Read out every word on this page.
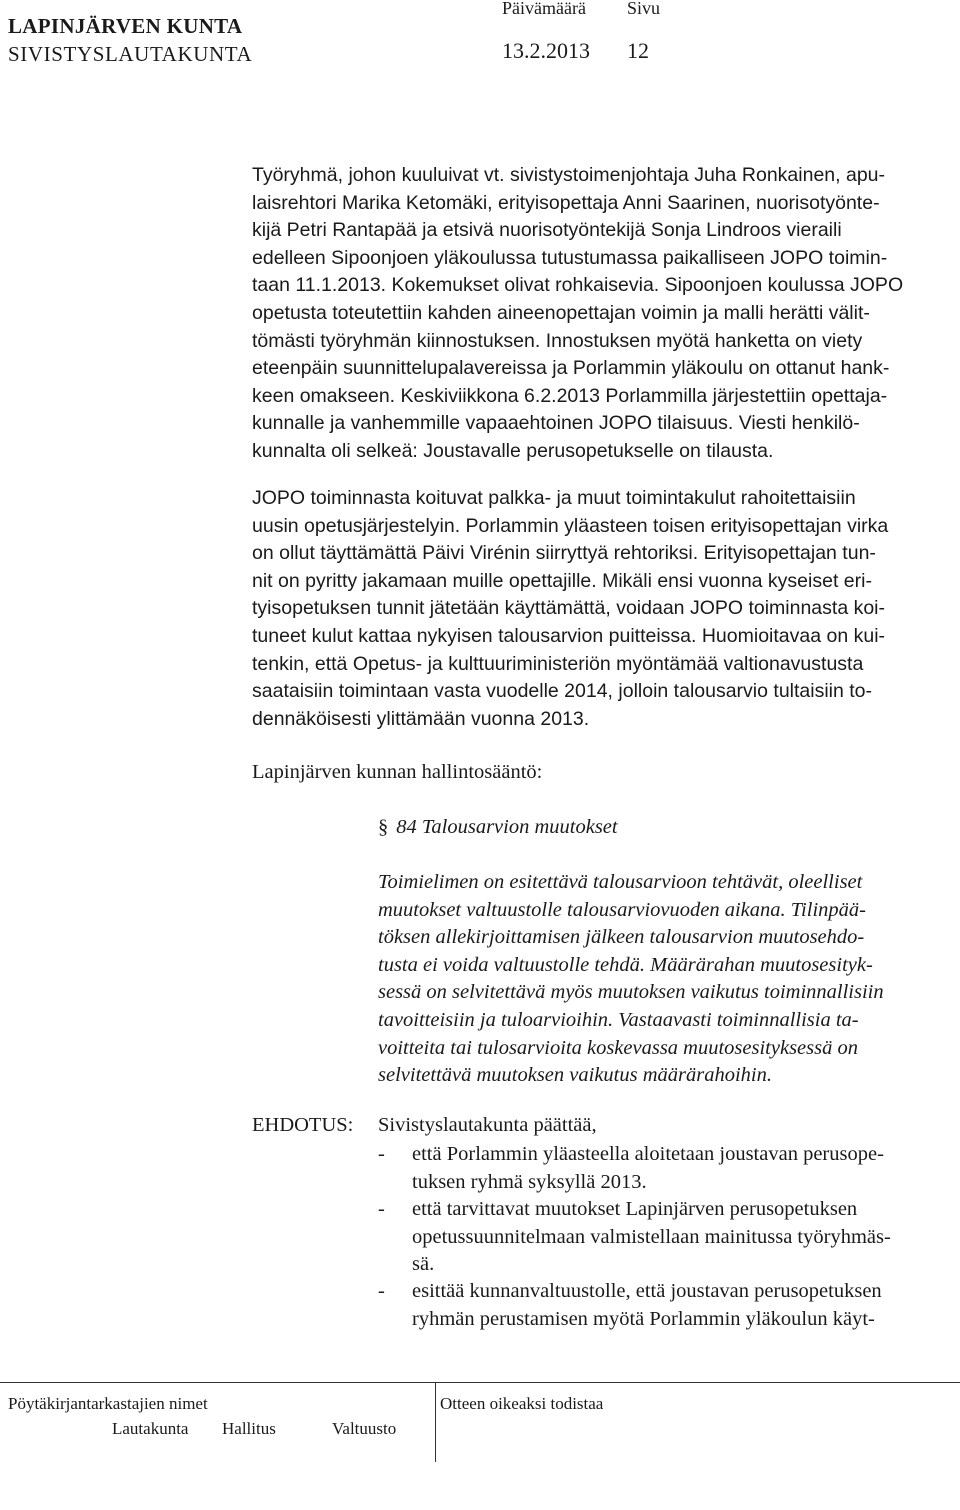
LAPINJÄRVEN KUNTA
SIVISTYSLAUTAKUNTA
Päivämäärä Sivu
13.2.2013 12
Työryhmä, johon kuuluivat vt. sivistystoimenjohtaja Juha Ronkainen, apu-
laisrehtori Marika Ketomäki, erityisopettaja Anni Saarinen, nuorisotyönte-
kijä Petri Rantapää ja etsivä nuorisotyöntekijä Sonja Lindroos vieraili
edelleen Sipoonjoen yläkoulussa tutustumassa paikalliseen JOPO toimin-
taan 11.1.2013. Kokemukset olivat rohkaisevia. Sipoonjoen koulussa JOPO
opetusta toteutettiin kahden aineenopettajan voimin ja malli herätti välit-
tömästi työryhmän kiinnostuksen. Innostuksen myötä hanketta on viety
eteenpäin suunnittelupalavereissa ja Porlammin yläkoulu on ottanut hank-
keen omakseen. Keskiviikkona 6.2.2013 Porlammilla järjestettiin opettaja-
kunnalle ja vanhemmille vapaaehtoinen JOPO tilaisuus. Viesti henkilö-
kunnalta oli selkeä: Joustavalle perusopetukselle on tilausta.
JOPO toiminnasta koituvat palkka- ja muut toimintakulut rahoitettaisiin
uusin opetusjärjestelyin. Porlammin yläasteen toisen erityisopettajan virka
on ollut täyttämättä Päivi Virénin siirryttyä rehtoriksi. Erityisopettajan tun-
nit on pyritty jakamaan muille opettajille. Mikäli ensi vuonna kyseiset eri-
tyisopetuksen tunnit jätetään käyttämättä, voidaan JOPO toiminnasta koi-
tuneet kulut kattaa nykyisen talousarvion puitteissa. Huomioitavaa on kui-
tenkin, että Opetus- ja kulttuuriministeriön myöntämää valtionavustusta
saataisiin toimintaan vasta vuodelle 2014, jolloin talousarvio tultaisiin to-
dennäköisesti ylittämään vuonna 2013.
Lapinjärven kunnan hallintosääntö:
§ 84 Talousarvion muutokset
Toimielimen on esitettävä talousarvioon tehtävät, oleelliset
muutokset valtuustolle talousarviovuoden aikana. Tilinpää-
töksen allekirjoittamisen jälkeen talousarvion muutosehdo-
tusta ei voida valtuustolle tehdä. Määrärahan muutosesityk-
sessä on selvitettävä myös muutoksen vaikutus toiminnallisiin
tavoitteisiin ja tuloarvioihin. Vastaavasti toiminnallisia ta-
voitteita tai tulosarvioita koskevassa muutosesityksessä on
selvitettävä muutoksen vaikutus määrärahoihin.
EHDOTUS: Sivistyslautakunta päättää,
- että Porlammin yläasteella aloitetaan joustavan perusope-
tuksen ryhmä syksyllä 2013.
- että tarvittavat muutokset Lapinjärven perusopetuksen
opetussuunnitelmaan valmistellaan mainitussa työryhmäs-
sä.
- esittää kunnanvaltuustolle, että joustavan perusopetuksen
ryhmän perustamisen myötä Porlammin yläkoulun käyt-
Pöytäkirjantarkastajien nimet	Otteen oikeaksi todistaa
Lautakunta Hallitus	Valtuusto
